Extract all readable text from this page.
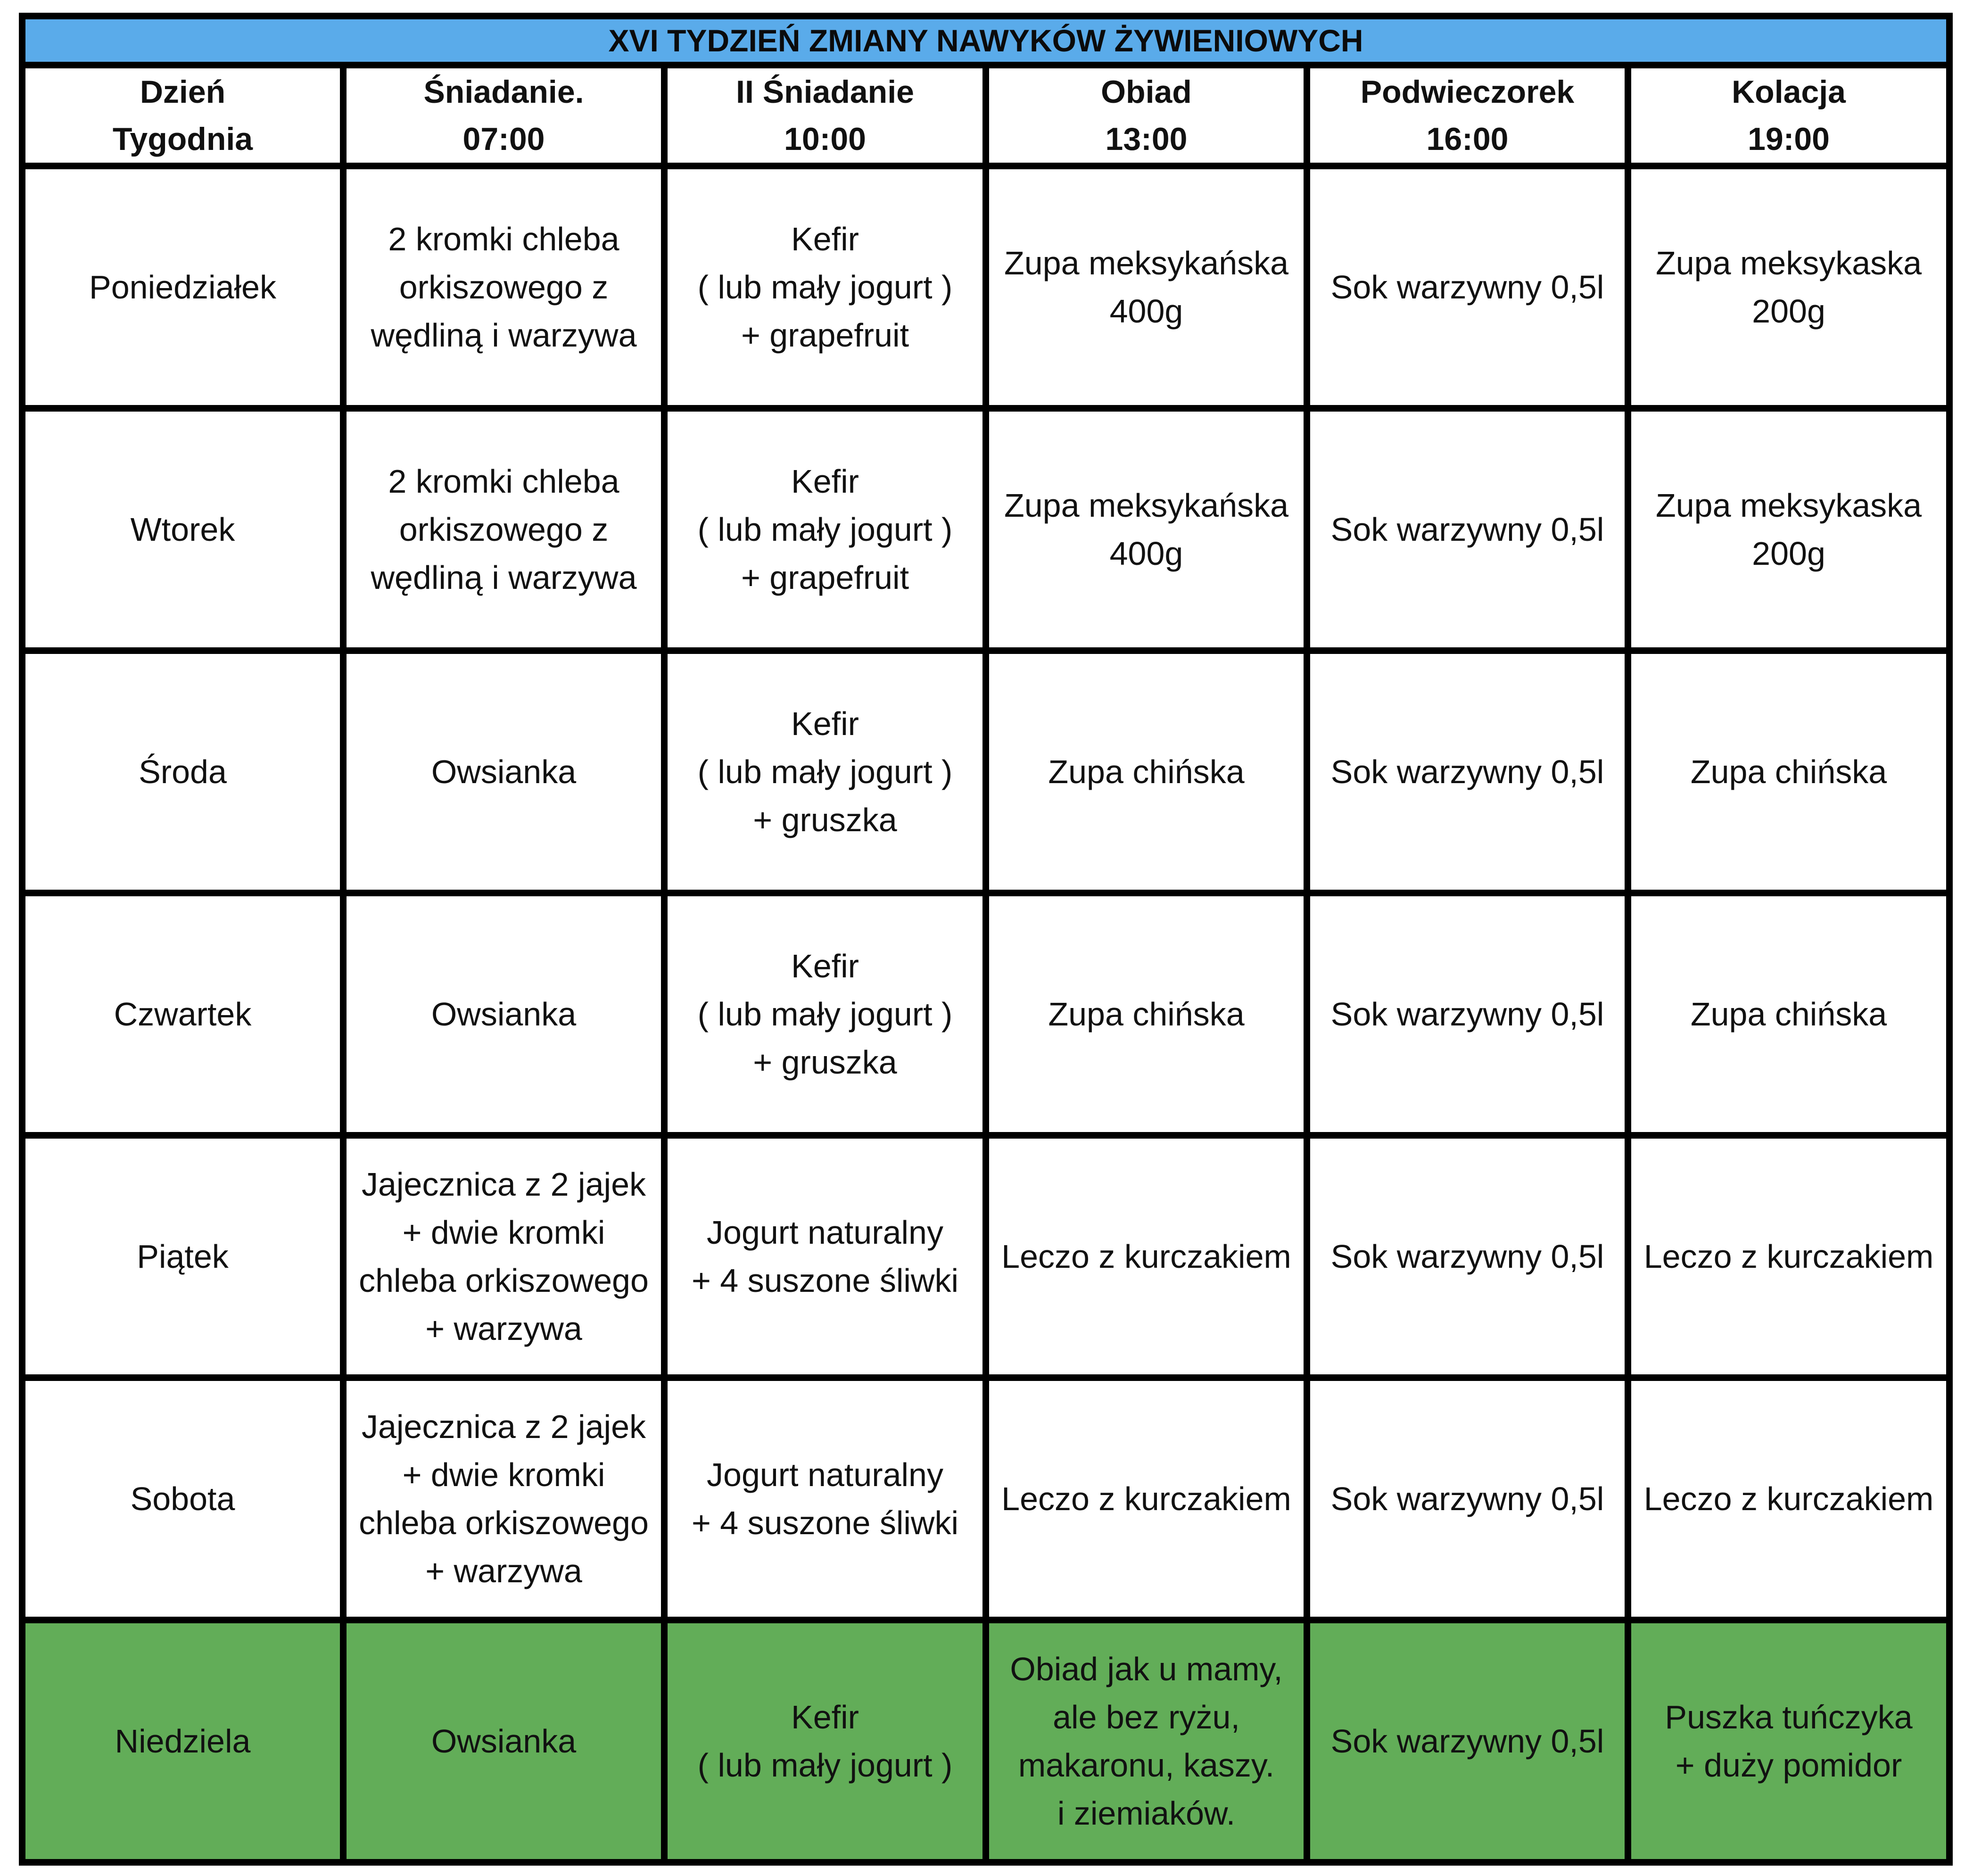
XVI TYDZIEŃ ZMIANY NAWYKÓW ŻYWIENIOWYCH					

Dzień
Tygodnia	Śniadanie.
07:00	II Śniadanie
10:00	Obiad
13:00	Podwieczorek
16:00	Kolacja
19:00

Poniedziałek	2 kromki chleba
orkiszowego z
wędliną i warzywa	Kefir
( lub mały jogurt )
+ grapefruit	Zupa meksykańska
400g	Sok warzywny 0,5l	Zupa meksykaska
200g

Wtorek	2 kromki chleba
orkiszowego z
wędliną i warzywa	Kefir
( lub mały jogurt )
+ grapefruit	Zupa meksykańska
400g	Sok warzywny 0,5l	Zupa meksykaska
200g

Środa	Owsianka	Kefir
( lub mały jogurt )
+ gruszka	Zupa chińska	Sok warzywny 0,5l	Zupa chińska

Czwartek	Owsianka	Kefir
( lub mały jogurt )
+ gruszka	Zupa chińska	Sok warzywny 0,5l	Zupa chińska

Piątek	Jajecznica z 2 jajek
+ dwie kromki
chleba orkiszowego
+ warzywa	Jogurt naturalny
+ 4 suszone śliwki	Leczo z kurczakiem	Sok warzywny 0,5l	Leczo z kurczakiem

Sobota	Jajecznica z 2 jajek
+ dwie kromki
chleba orkiszowego
+ warzywa	Jogurt naturalny
+ 4 suszone śliwki	Leczo z kurczakiem	Sok warzywny 0,5l	Leczo z kurczakiem

Niedziela	Owsianka	Kefir
( lub mały jogurt )	Obiad jak u mamy,
ale bez ryżu,
makaronu, kaszy.
i ziemiaków.	Sok warzywny 0,5l	Puszka tuńczyka
+ duży pomidor
